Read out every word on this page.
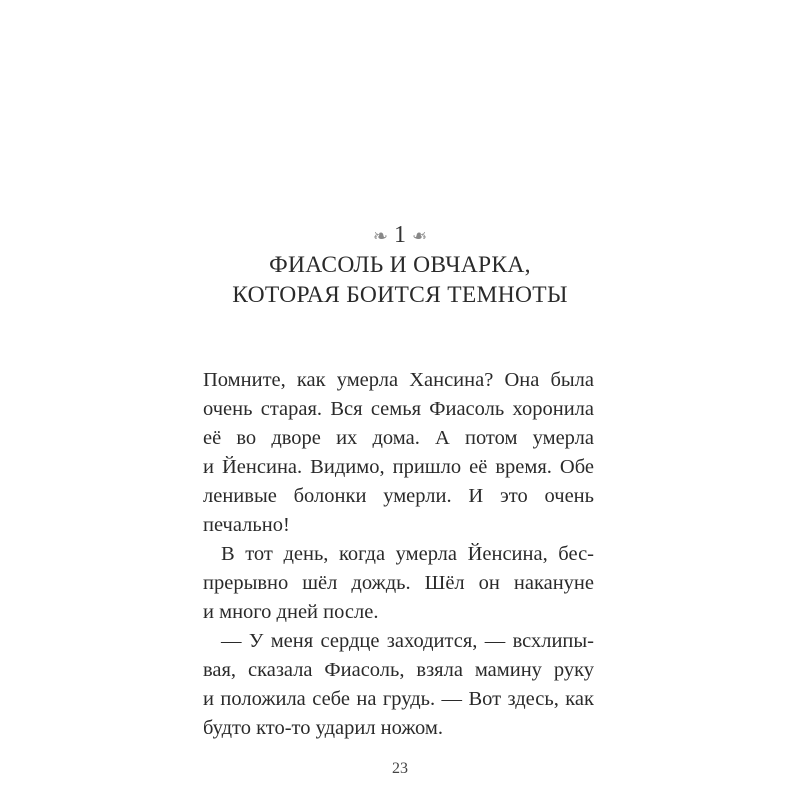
❧ 1 ❧
ФИАСОЛЬ И ОВЧАРКА,
КОТОРАЯ БОИТСЯ ТЕМНОТЫ
Помните, как умерла Хансина? Она была
очень старая. Вся семья Фиасоль хоронила
её во дворе их дома. А потом умерла
и Йенсина. Видимо, пришло её время. Обе
ленивые болонки умерли. И это очень
печально!
В тот день, когда умерла Йенсина, бес-
прерывно шёл дождь. Шёл он накануне
и много дней после.
— У меня сердце заходится, — всхлипы-
вая, сказала Фиасоль, взяла мамину руку
и положила себе на грудь. — Вот здесь, как
будто кто-то ударил ножом.
23
